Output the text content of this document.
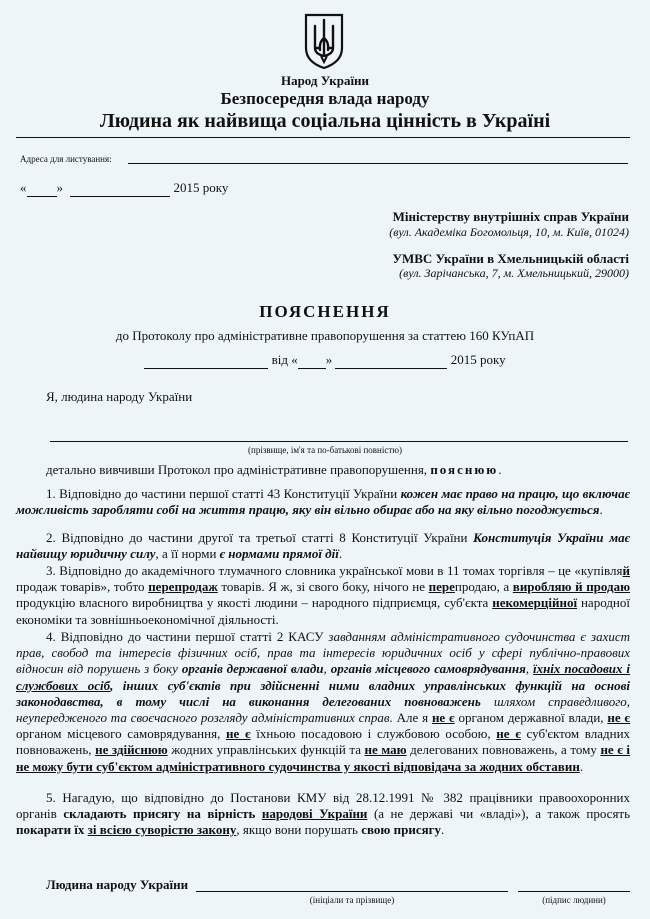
Народ України
Безпосередня влада народу
Людина як найвища соціальна цінність в Україні
Адреса для листування:
« »	2015 року
Міністерству внутрішніх справ України
(вул. Академіка Богомольця, 10, м. Київ, 01024)
УМВС України в Хмельницькій області
(вул. Зарічанська, 7, м. Хмельницький, 29000)
ПОЯСНЕННЯ
до Протоколу про адміністративне правопорушення за статтею 160 КУпАП
від « »	2015 року
Я, людина народу України
(прізвище, ім'я та по-батькові повністю)
детально вивчивши Протокол про адміністративне правопорушення, пояснюю.
1. Відповідно до частини першої статті 43 Конституції України кожен має право на працю, що включає можливість заробляти собі на життя працю, яку він вільно обирає або на яку вільно погоджується.
2. Відповідно до частини другої та третьої статті 8 Конституції України Конституція України має найвищу юридичну силу, а її норми є нормами прямої дії.
3. Відповідно до академічного тлумачного словника української мови в 11 томах торгівля – це «купівляй продаж товарів», тобто перепродаж товарів. Я ж, зі свого боку, нічого не перепродаю, а виробляю й продаю продукцію власного виробництва у якості людини – народного підприємця, суб'єкта некомерційної народної економіки та зовнішньоекономічної діяльності.
4. Відповідно до частини першої статті 2 КАСУ завданням адміністративного судочинства є захист прав, свобод та інтересів фізичних осіб, прав та інтересів юридичних осіб у сфері публічно-правових відносин від порушень з боку органів державної влади, органів місцевого самоврядування, їхніх посадових і службових осіб, інших суб'єктів при здійсненні ними владних управлінських функцій на основі законодавства, в тому числі на виконання делегованих повноважень шляхом справедливого, неупередженого та своєчасного розгляду адміністративних справ. Але я не є органом державної влади, не є органом місцевого самоврядування, не є їхньою посадовою і службовою особою, не є суб'єктом владних повноважень, не здійснюю жодних управлінських функцій та не маю делегованих повноважень, а тому не є і не можу бути суб'єктом адміністративного судочинства у якості відповідача за жодних обставин.
5. Нагадую, що відповідно до Постанови КМУ від 28.12.1991 № 382 працівники правоохоронних органів складають присягу на вірність народові України (а не державі чи «владі»), а також просять покарати їх зі всією суворістю закону, якщо вони порушать свою присягу.
Людина народу України
(ініціали та прізвище)	(підпис людини)
